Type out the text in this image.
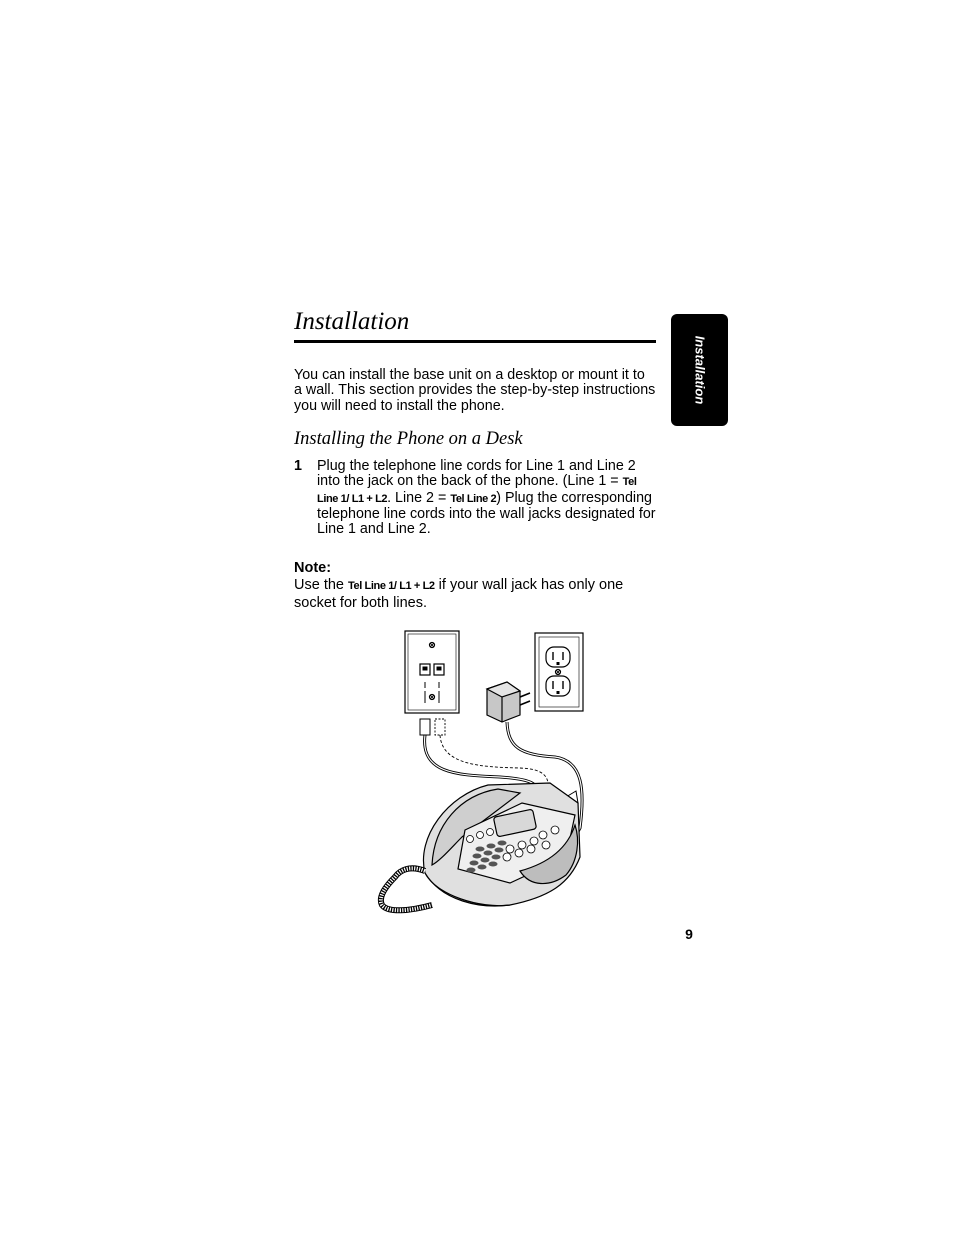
Installation

You can install the base unit on a desktop or mount it to a wall. This section provides the step-by-step instructions you will need to install the phone.

Installing the Phone on a Desk
1 Plug the telephone line cords for Line 1 and Line 2 into the jack on the back of the phone. (Line 1 = Tel Line 1/ L1 + L2. Line 2 = Tel Line 2) Plug the corresponding telephone line cords into the wall jacks designated for Line 1 and Line 2.

Note:

Use the Tel Line 1/ L1 + L2 if your wall jack has only one socket for both lines.

Installation
9
